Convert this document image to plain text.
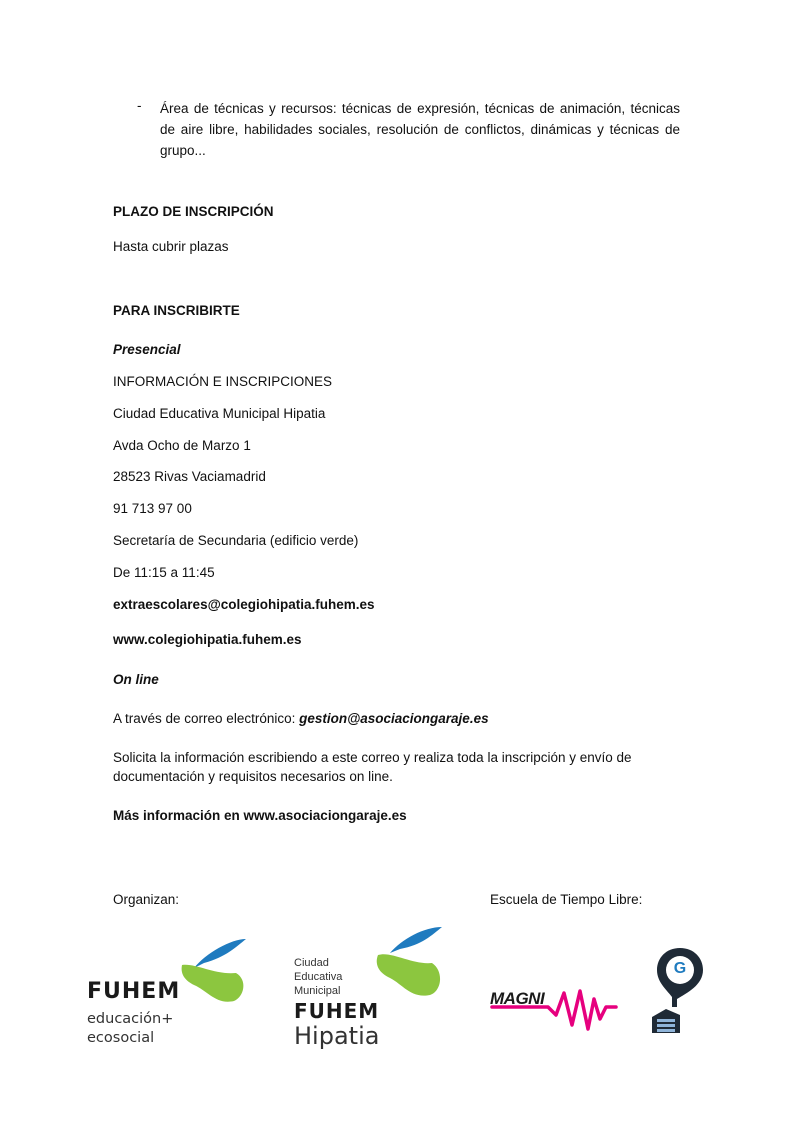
- Área de técnicas y recursos: técnicas de expresión, técnicas de animación, técnicas de aire libre, habilidades sociales, resolución de conflictos, dinámicas y técnicas de grupo...
PLAZO DE INSCRIPCIÓN
Hasta cubrir plazas
PARA INSCRIBIRTE
Presencial
INFORMACIÓN E INSCRIPCIONES
Ciudad Educativa Municipal Hipatia
Avda Ocho de Marzo 1
28523 Rivas Vaciamadrid
91 713 97 00
Secretaría de Secundaria (edificio verde)
De 11:15 a 11:45
extraescolares@colegiohipatia.fuhem.es
www.colegiohipatia.fuhem.es
On line
A través de correo electrónico: gestion@asociaciongaraje.es
Solicita la información escribiendo a este correo y realiza toda la inscripción y envío de documentación y requisitos necesarios on line.
Más información en www.asociaciongaraje.es
Organizan:	Escuela de Tiempo Libre:
FUHEM
educación+
ecosocial
Ciudad
Educativa
Municipal
FUHEM
Hipatia
MAGNI
G
